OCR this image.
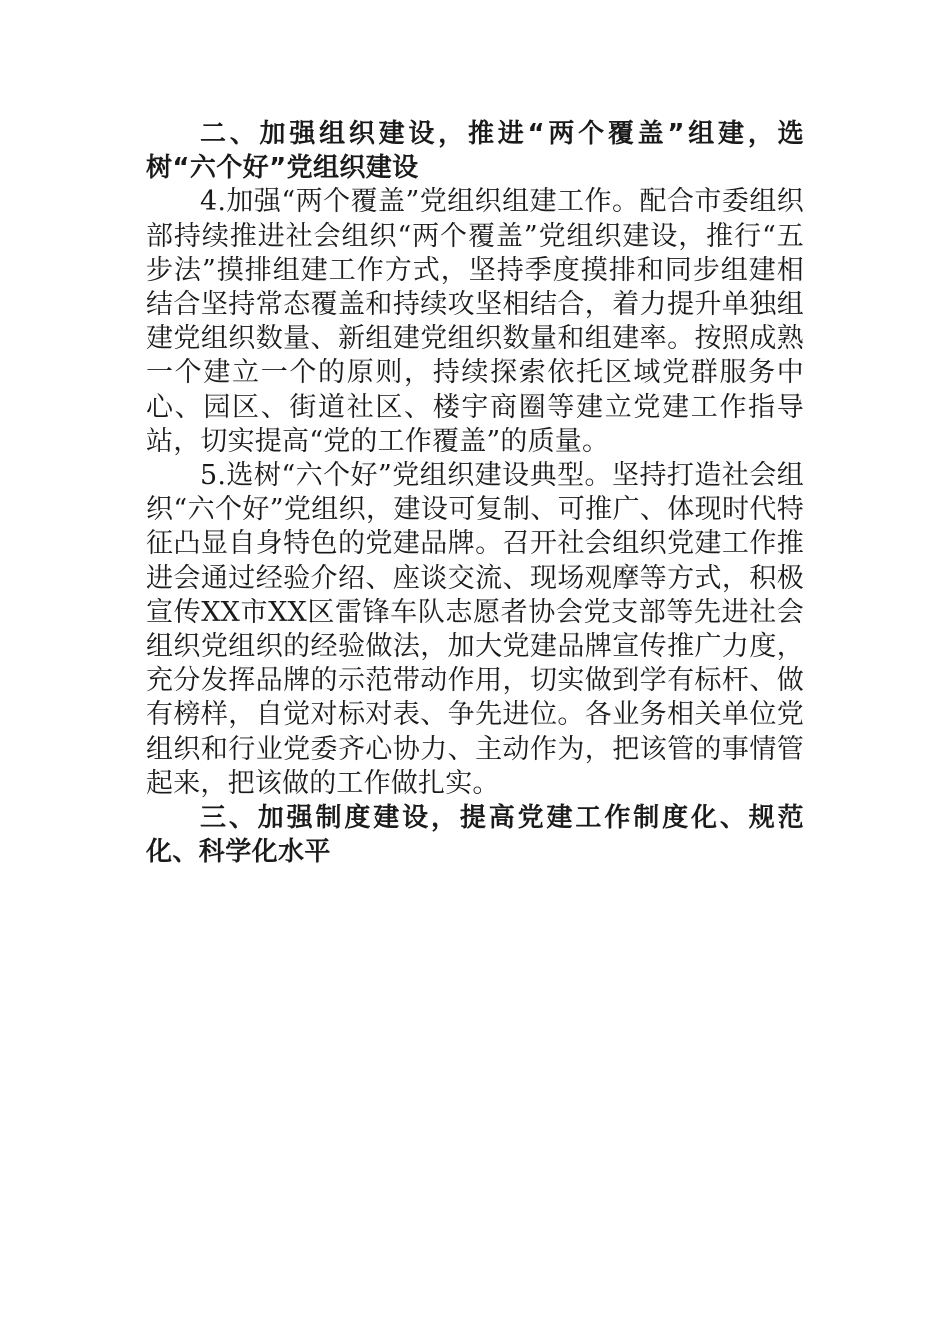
二、加强组织建设，推进“两个覆盖”组建，选树“六个好”党组织建设

4.加强“两个覆盖”党组织组建工作。配合市委组织部持续推进社会组织“两个覆盖”党组织建设，推行“五步法”摸排组建工作方式，坚持季度摸排和同步组建相结合坚持常态覆盖和持续攻坚相结合，着力提升单独组建党组织数量、新组建党组织数量和组建率。按照成熟一个建立一个的原则，持续探索依托区域党群服务中心、园区、街道社区、楼宇商圈等建立党建工作指导站，切实提高“党的工作覆盖”的质量。

5.选树“六个好”党组织建设典型。坚持打造社会组织“六个好”党组织，建设可复制、可推广、体现时代特征凸显自身特色的党建品牌。召开社会组织党建工作推进会通过经验介绍、座谈交流、现场观摩等方式，积极宣传XX市XX区雷锋车队志愿者协会党支部等先进社会组织党组织的经验做法，加大党建品牌宣传推广力度，充分发挥品牌的示范带动作用，切实做到学有标杆、做有榜样，自觉对标对表、争先进位。各业务相关单位党组织和行业党委齐心协力、主动作为，把该管的事情管起来，把该做的工作做扎实。

三、加强制度建设，提高党建工作制度化、规范化、科学化水平
